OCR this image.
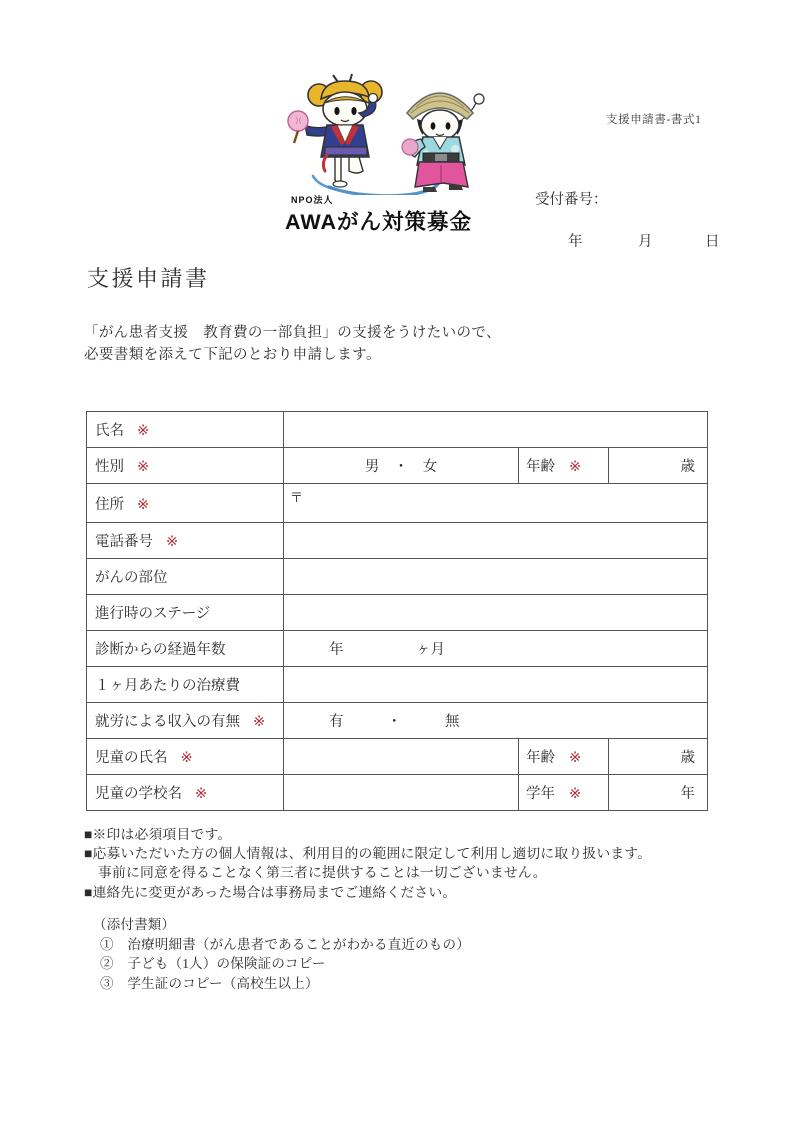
支援申請書-書式1
NPO法人
AWAがん対策募金
受付番号：
年	月	日
支援申請書

「がん患者支援　教育費の一部負担」の支援をうけたいので、
必要書類を添えて下記のとおり申請します。

氏名 ※			
性別 ※	男　・　女	年齢 ※	歳
住所 ※	〒		
電話番号 ※			
がんの部位			
進行時のステージ			
診断からの経過年数	年　　　　　ヶ月		
１ヶ月あたりの治療費			
就労による収入の有無 ※	有　　　・　　　無		
児童の氏名 ※		年齢 ※	歳
児童の学校名 ※		学年 ※	年
■※印は必須項目です。
■応募いただいた方の個人情報は、利用目的の範囲に限定して利用し適切に取り扱います。
　事前に同意を得ることなく第三者に提供することは一切ございません。
■連絡先に変更があった場合は事務局までご連絡ください。
（添付書類）
①　治療明細書（がん患者であることがわかる直近のもの）
②　子ども（1人）の保険証のコピー
③　学生証のコピー（高校生以上）
